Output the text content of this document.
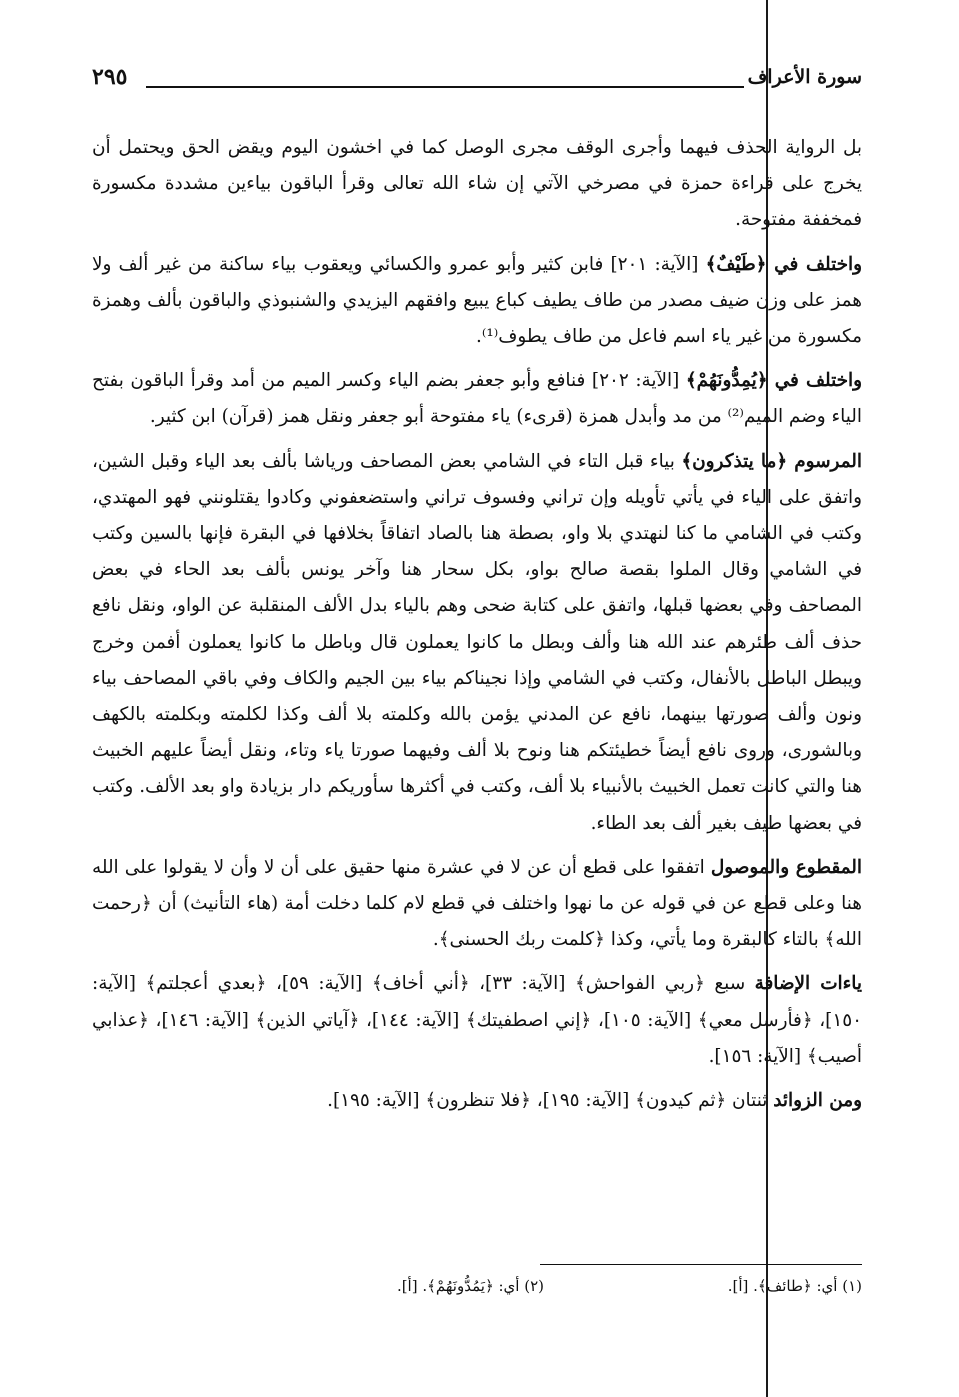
سورة الأعراف
٢٩٥

بل الرواية الحذف فيهما وأجرى الوقف مجرى الوصل كما في اخشون اليوم ويقض الحق ويحتمل أن يخرج على قراءة حمزة في مصرخي الآتي إن شاء الله تعالى وقرأ الباقون بياءين مشددة مكسورة فمخففة مفتوحة.

واختلف في ﴿طَيْفٌ﴾ [الآية: ٢٠١] فابن كثير وأبو عمرو والكسائي ويعقوب بياء ساكنة من غير ألف ولا همز على وزن ضيف مصدر من طاف يطيف كباع يبيع وافقهم اليزيدي والشنبوذي والباقون بألف وهمزة مكسورة من غير ياء اسم فاعل من طاف يطوف⁽¹⁾.

واختلف في ﴿يُمِدُّونَهُمْ﴾ [الآية: ٢٠٢] فنافع وأبو جعفر بضم الياء وكسر الميم من أمد وقرأ الباقون بفتح الياء وضم الميم⁽²⁾ من مد وأبدل همزة (قرىء) ياء مفتوحة أبو جعفر ونقل همز (قرآن) ابن كثير.

المرسوم ﴿ما يتذكرون﴾ بياء قبل التاء في الشامي بعض المصاحف ورياشا بألف بعد الياء وقبل الشين، واتفق على الياء في يأتي تأويله وإن تراني وفسوف تراني واستضعفوني وكادوا يقتلونني فهو المهتدي، وكتب في الشامي ما كنا لنهتدي بلا واو، بصطة هنا بالصاد اتفاقاً بخلافها في البقرة فإنها بالسين وكتب في الشامي وقال الملوا بقصة صالح بواو، بكل سحار هنا وآخر يونس بألف بعد الحاء في بعض المصاحف وفي بعضها قبلها، واتفق على كتابة ضحى وهم بالياء بدل الألف المنقلبة عن الواو، ونقل نافع حذف ألف طئرهم عند الله هنا وألف وبطل ما كانوا يعملون قال وباطل ما كانوا يعملون أفمن وخرج ويبطل الباطل بالأنفال، وكتب في الشامي وإذا نجيناكم بياء بين الجيم والكاف وفي باقي المصاحف بياء ونون وألف صورتها بينهما، نافع عن المدني يؤمن بالله وكلمته بلا ألف وكذا لكلمته وبكلمته بالكهف وبالشورى، وروى نافع أيضاً خطيئتكم هنا ونوح بلا ألف وفيهما صورتا ياء وتاء، ونقل أيضاً عليهم الخبيث هنا والتي كانت تعمل الخبيث بالأنبياء بلا ألف، وكتب في أكثرها سأوريكم دار بزيادة واو بعد الألف. وكتب في بعضها طيف بغير ألف بعد الطاء.

المقطوع والموصول اتفقوا على قطع أن عن لا في عشرة منها حقيق على أن لا وأن لا يقولوا على الله هنا وعلى قطع عن في قوله عن ما نهوا واختلف في قطع لام كلما دخلت أمة (هاء التأنيث) أن ﴿رحمت الله﴾ بالتاء كالبقرة وما يأتي، وكذا ﴿كلمت ربك الحسنى﴾.

ياءات الإضافة سبع ﴿ربي الفواحش﴾ [الآية: ٣٣]، ﴿أني أخاف﴾ [الآية: ٥٩]، ﴿بعدي أعجلتم﴾ [الآية: ١٥٠]، ﴿فأرسل معي﴾ [الآية: ١٠٥]، ﴿إني اصطفيتك﴾ [الآية: ١٤٤]، ﴿آياتي الذين﴾ [الآية: ١٤٦]، ﴿عذابي أصيب﴾ [الآية: ١٥٦].

ومن الزوائد ثنتان ﴿ثم كيدون﴾ [الآية: ١٩٥]، ﴿فلا تنظرون﴾ [الآية: ١٩٥].

(١) أي: ﴿طائف﴾. [أ].
(٢) أي: ﴿يَمُدُّونَهُمْ﴾. [أ].
